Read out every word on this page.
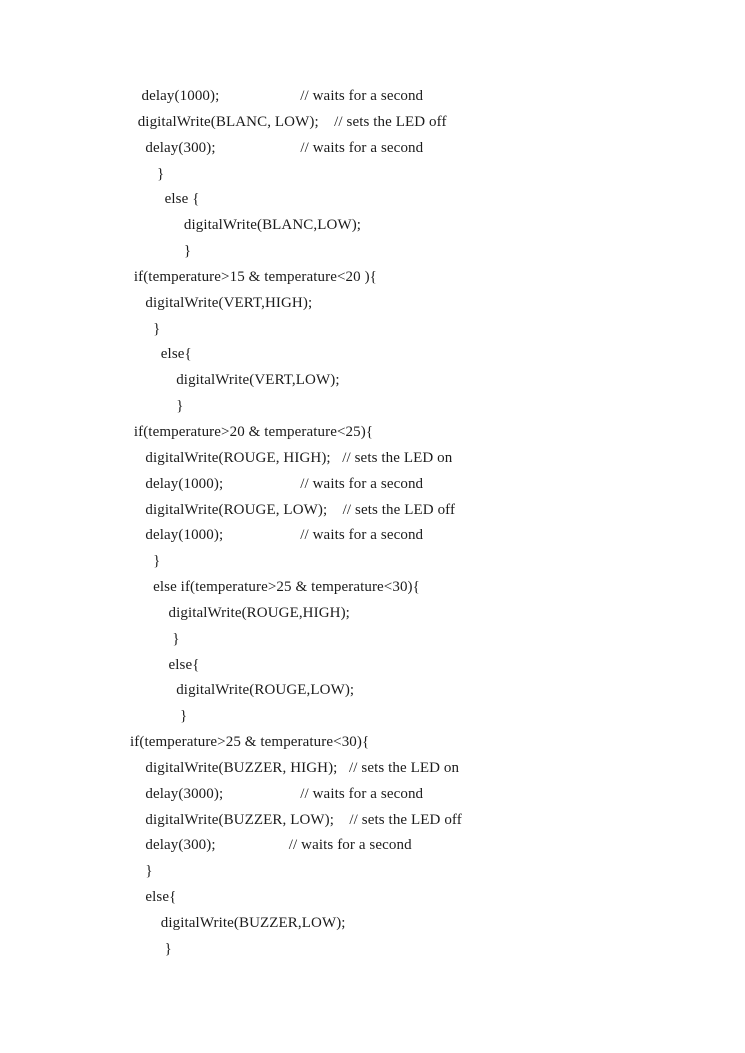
delay(1000);                     // waits for a second
digitalWrite(BLANC, LOW);    // sets the LED off
delay(300);                      // waits for a second
}
else {
digitalWrite(BLANC,LOW);
}
if(temperature>15 & temperature<20 ){
digitalWrite(VERT,HIGH);
}
else{
digitalWrite(VERT,LOW);
}
if(temperature>20 & temperature<25){
digitalWrite(ROUGE, HIGH);   // sets the LED on
delay(1000);                    // waits for a second
digitalWrite(ROUGE, LOW);    // sets the LED off
delay(1000);                    // waits for a second
}
else if(temperature>25 & temperature<30){
digitalWrite(ROUGE,HIGH);
}
else{
digitalWrite(ROUGE,LOW);
}
if(temperature>25 & temperature<30){
digitalWrite(BUZZER, HIGH);   // sets the LED on
delay(3000);                    // waits for a second
digitalWrite(BUZZER, LOW);    // sets the LED off
delay(300);                   // waits for a second
}
else{
digitalWrite(BUZZER,LOW);
}
